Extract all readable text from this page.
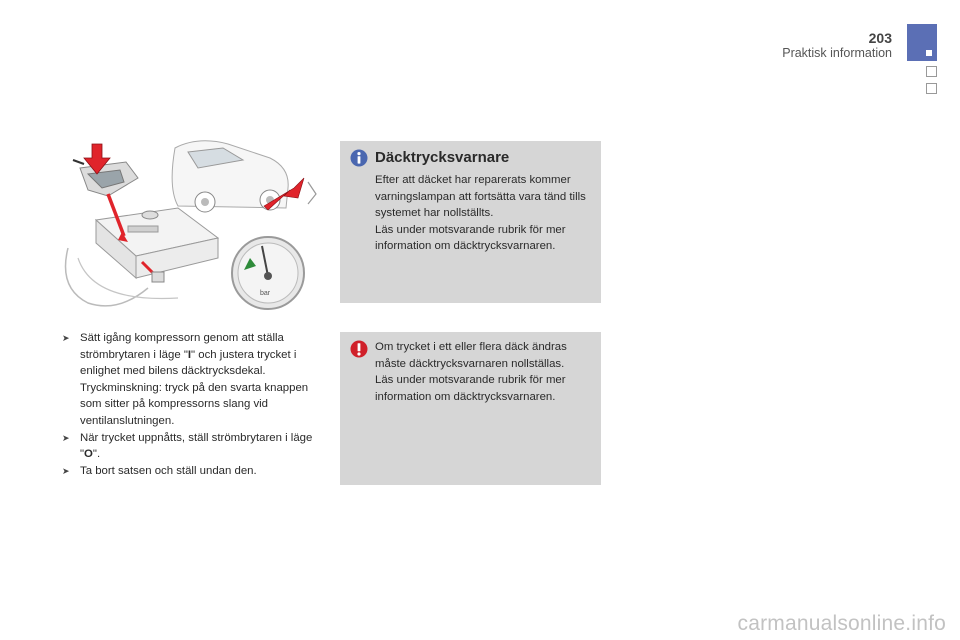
203
Praktisk information
bar
➤ Sätt igång kompressorn genom att ställa strömbrytaren i läge "I" och justera trycket i enlighet med bilens däcktrycksdekal. Tryckminskning: tryck på den svarta knappen som sitter på kompressorns slang vid ventilanslutningen.
➤ När trycket uppnåtts, ställ strömbrytaren i läge "O".
➤ Ta bort satsen och ställ undan den.
Däcktrycksvarnare

Efter att däcket har reparerats kommer varningslampan att fortsätta vara tänd tills systemet har nollställts.

Läs under motsvarande rubrik för mer information om däcktrycksvarnaren.

Om trycket i ett eller flera däck ändras måste däcktrycksvarnaren nollställas.

Läs under motsvarande rubrik för mer information om däcktrycksvarnaren.

carmanualsonline.info
